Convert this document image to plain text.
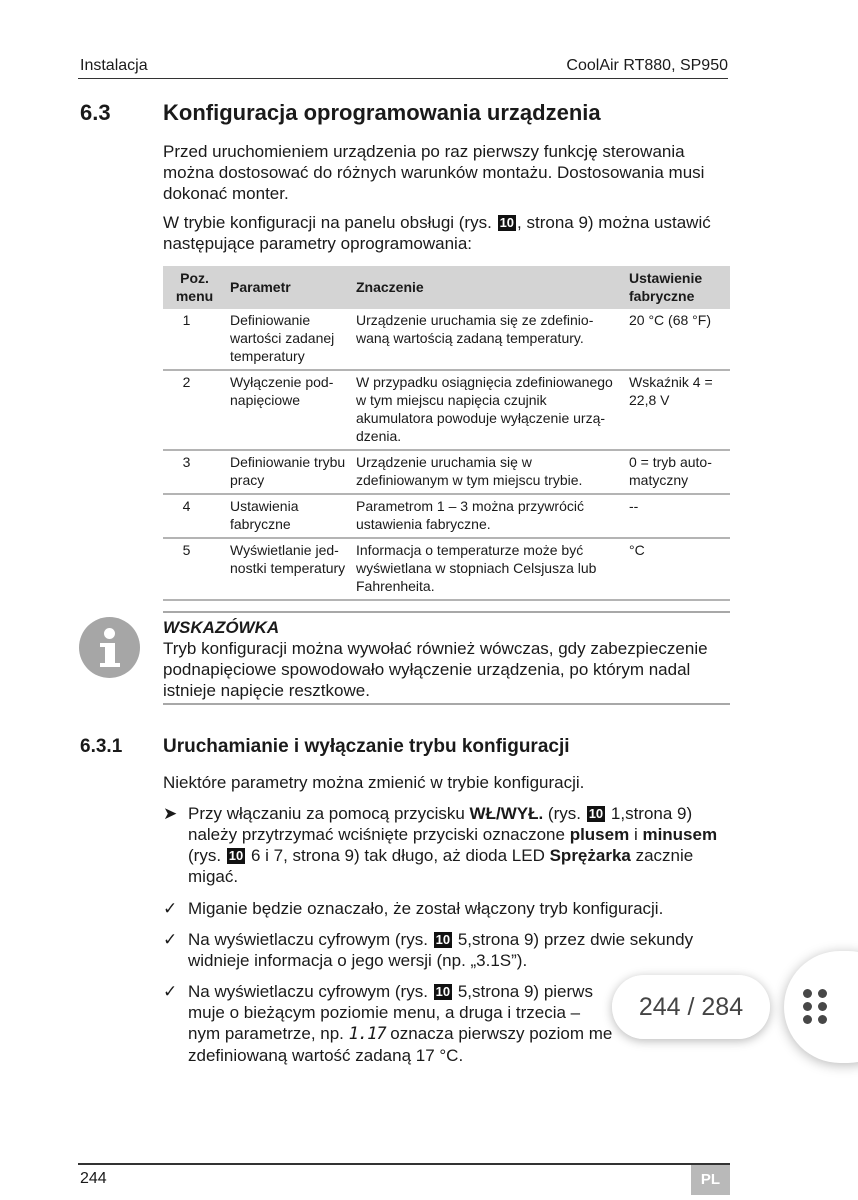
Instalacja	CoolAir RT880, SP950
6.3 Konfiguracja oprogramowania urządzenia

Przed uruchomieniem urządzenia po raz pierwszy funkcję sterowania można dostosować do różnych warunków montażu. Dostosowania musi dokonać monter.

W trybie konfiguracji na panelu obsługi (rys. 10 , strona 9) można ustawić następujące parametry oprogramowania:

Poz. menu	Parametr	Znaczenie	Ustawienie fabryczne
1	Definiowanie wartości zadanej temperatury	Urządzenie uruchamia się ze zdefiniowaną wartością zadaną temperatury.	20 °C (68 °F)
2	Wyłączenie podnapięciowe	W przypadku osiągnięcia zdefiniowanego w tym miejscu napięcia czujnik akumulatora powoduje wyłączenie urządzenia.	Wskaźnik 4 = 22,8 V
3	Definiowanie trybu pracy	Urządzenie uruchamia się w zdefiniowanym w tym miejscu trybie.	0 = tryb automatyczny
4	Ustawienia fabryczne	Parametrom 1 – 3 można przywrócić ustawienia fabryczne.	--
5	Wyświetlanie jednostki temperatury	Informacja o temperaturze może być wyświetlana w stopniach Celsjusza lub Fahrenheita.	°C
WSKAZÓWKA

Tryb konfiguracji można wywołać również wówczas, gdy zabezpieczenie podnapięciowe spowodowało wyłączenie urządzenia, po którym nadal istnieje napięcie resztkowe.

6.3.1 Uruchamianie i wyłączanie trybu konfiguracji

Niektóre parametry można zmienić w trybie konfiguracji.

➤ Przy włączaniu za pomocą przycisku WŁ/WYŁ. (rys. 10 1,strona 9) należy przytrzymać wciśnięte przyciski oznaczone plusem i minusem (rys. 10 6 i 7, strona 9) tak długo, aż dioda LED Sprężarka zacznie migać.
✓ Miganie będzie oznaczało, że został włączony tryb konfiguracji.
✓ Na wyświetlaczu cyfrowym (rys. 10 5,strona 9) przez dwie sekundy widnieje informacja o jego wersji (np. „3.1S”).
✓ Na wyświetlaczu cyfrowym (rys. 10 5,strona 9) pierws
muje o bieżącym poziomie menu, a druga i trzecia –
nym parametrze, np. 1.17 oznacza pierwszy poziom me
zdefiniowaną wartość zadaną 17 °C.
244	PL
244 / 284
